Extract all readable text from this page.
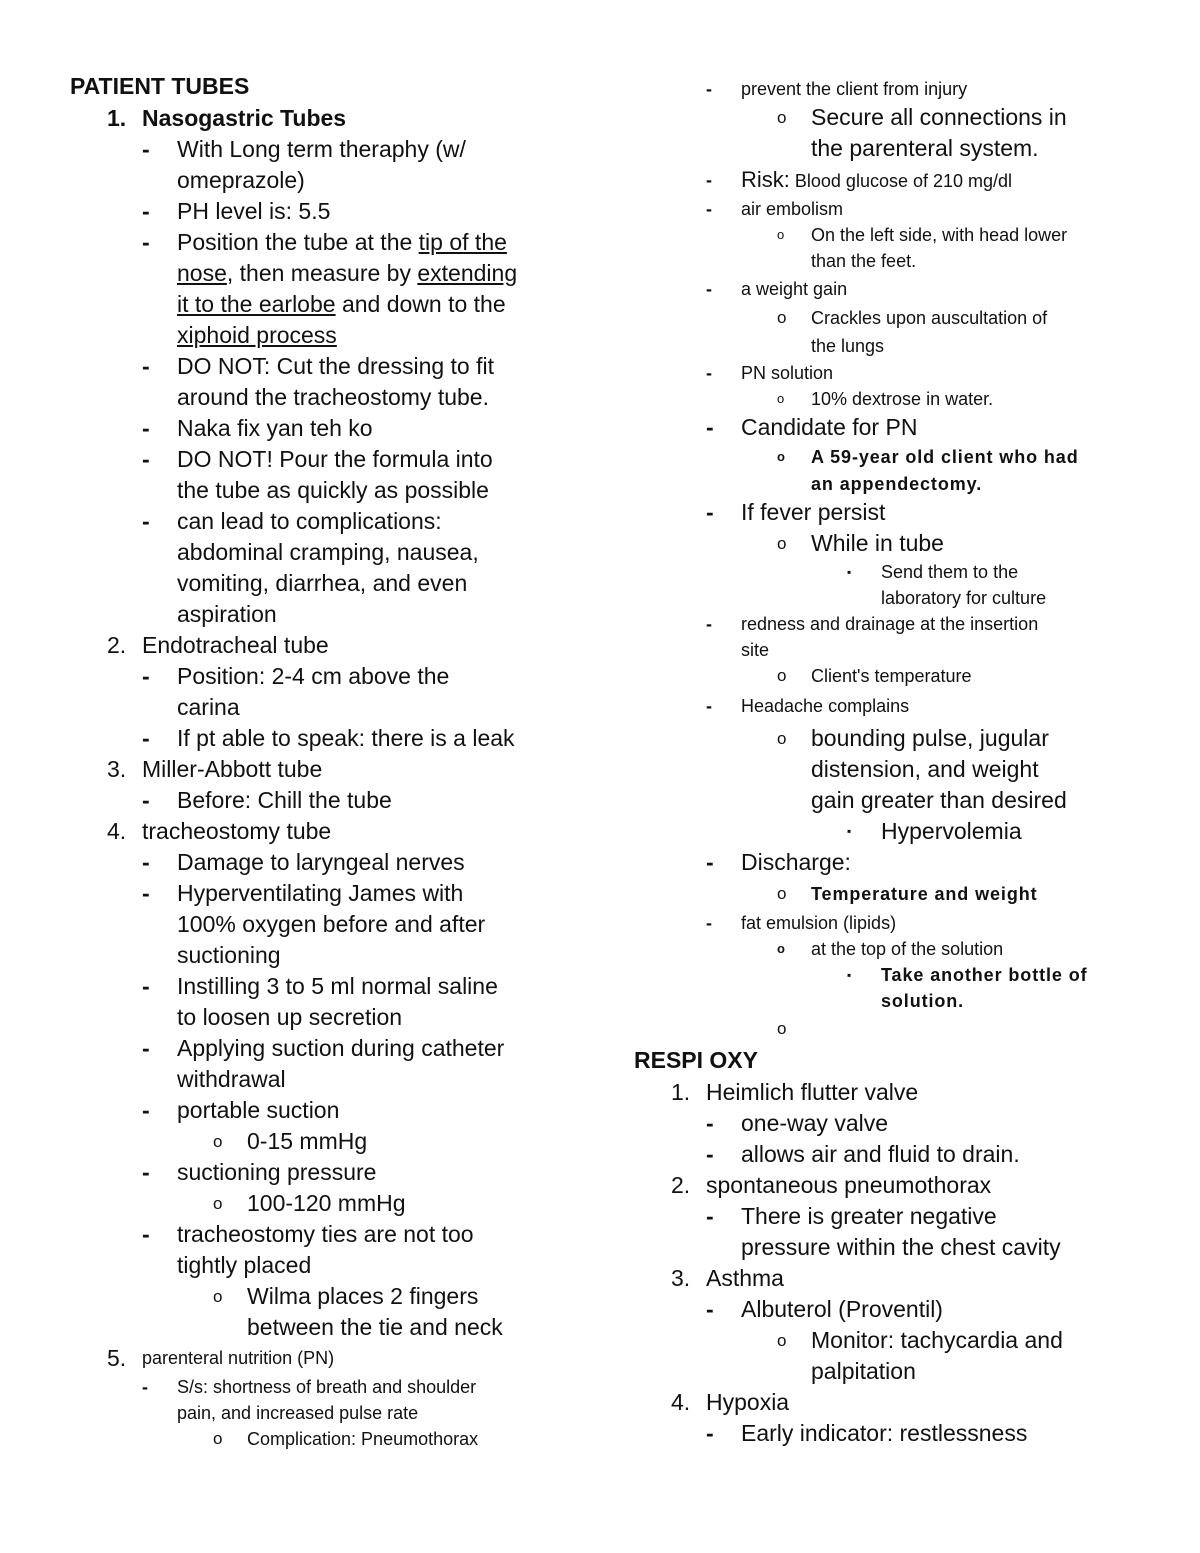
PATIENT TUBES
1. Nasogastric Tubes

- With Long term theraphy (w/

omeprazole)

- PH level is: 5.5

- Position the tube at the tip of the

nose, then measure by extending

it to the earlobe and down to the

xiphoid process

- DO NOT: Cut the dressing to fit

around the tracheostomy tube.

- Naka fix yan teh ko

- DO NOT! Pour the formula into

the tube as quickly as possible

- can lead to complications:

abdominal cramping, nausea,

vomiting, diarrhea, and even

aspiration

2. Endotracheal tube

- Position: 2-4 cm above the

carina

- If pt able to speak: there is a leak

3. Miller-Abbott tube

- Before: Chill the tube

4. tracheostomy tube

- Damage to laryngeal nerves

- Hyperventilating James with

100% oxygen before and after

suctioning

- Instilling 3 to 5 ml normal saline

to loosen up secretion

- Applying suction during catheter

withdrawal

- portable suction

o 0-15 mmHg

- suctioning pressure

o 100-120 mmHg

- tracheostomy ties are not too

tightly placed

o Wilma places 2 fingers

between the tie and neck

5. parenteral nutrition (PN)

- S/s: shortness of breath and shoulder

pain, and increased pulse rate

o Complication: Pneumothorax

- prevent the client from injury

o Secure all connections in

the parenteral system.

- Risk: Blood glucose of 210 mg/dl

- air embolism

o On the left side, with head lower

than the feet.

- a weight gain

o Crackles upon auscultation of

the lungs

- PN solution

o 10% dextrose in water.

- Candidate for PN

o A 59-year old client who had

an appendectomy.

- If fever persist

o While in tube

▪ Send them to the

laboratory for culture

- redness and drainage at the insertion

site

o Client's temperature

- Headache complains

o bounding pulse, jugular

distension, and weight

gain greater than desired

▪ Hypervolemia

- Discharge:

o Temperature and weight

- fat emulsion (lipids)

o at the top of the solution

▪ Take another bottle of

solution.

o

RESPI OXY
1. Heimlich flutter valve

- one-way valve

- allows air and fluid to drain.

2. spontaneous pneumothorax

- There is greater negative

pressure within the chest cavity

3. Asthma

- Albuterol (Proventil)

o Monitor: tachycardia and

palpitation

4. Hypoxia

- Early indicator: restlessness
